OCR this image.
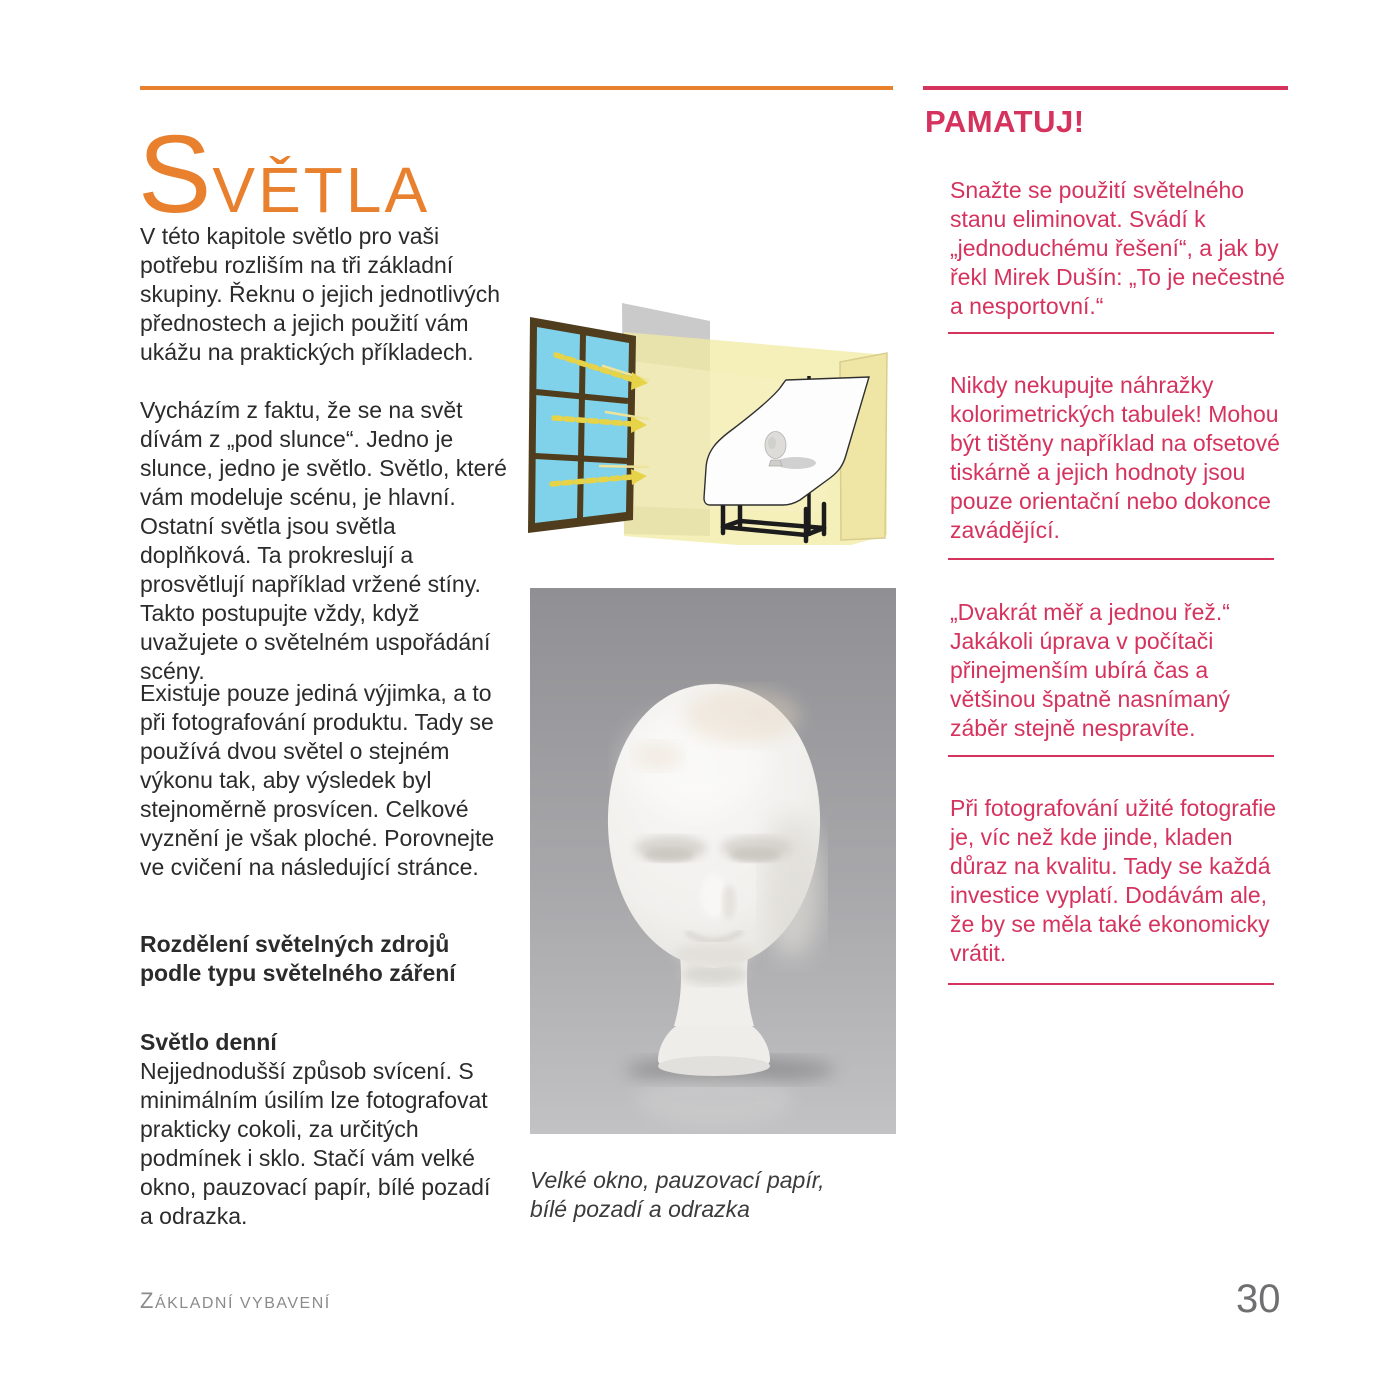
SVĚTLA
V této kapitole světlo pro vaši potřebu rozliším na tři základní skupiny. Řeknu o jejich jednotlivých přednostech a jejich použití vám ukážu na praktických příkladech.
Vycházím z faktu, že se na svět dívám z „pod slunce“. Jedno je slunce, jedno je světlo. Světlo, které vám modeluje scénu, je hlavní. Ostatní světla jsou světla doplňková. Ta prokreslují a prosvětlují například vržené stíny. Takto postupujte vždy, když uvažujete o světelném uspořádání scény.
Existuje pouze jediná výjimka, a to při fotografování produktu. Tady se používá dvou světel o stejném výkonu tak, aby výsledek byl stejnoměrně prosvícen. Celkové vyznění je však ploché. Porovnejte ve cvičení na následující stránce.
Rozdělení světelných zdrojů podle typu světelného záření
Světlo denní
Nejjednodušší způsob svícení. S minimálním úsilím lze fotografovat prakticky cokoli, za určitých podmínek i sklo. Stačí vám velké okno, pauzovací papír, bílé pozadí a odrazka.
Velké okno, pauzovací papír,
bílé pozadí a odrazka
PAMATUJ!
Snažte se použití světelného stanu eliminovat. Svádí k „jednoduchému řešení“, a jak by řekl Mirek Dušín: „To je nečestné a nesportovní.“
Nikdy nekupujte náhražky kolorimetrických tabulek! Mohou být tištěny například na ofsetové tiskárně a jejich hodnoty jsou pouze orientační nebo dokonce zavádějící.
„Dvakrát měř a jednou řež.“ Jakákoli úprava v počítači přinejmenším ubírá čas a většinou špatně nasnímaný záběr stejně nespravíte.
Při fotografování užité fotografie je, víc než kde jinde, kladen důraz na kvalitu. Tady se každá investice vyplatí. Dodávám ale, že by se měla také ekonomicky vrátit.
ZÁKLADNÍ VYBAVENÍ	30
